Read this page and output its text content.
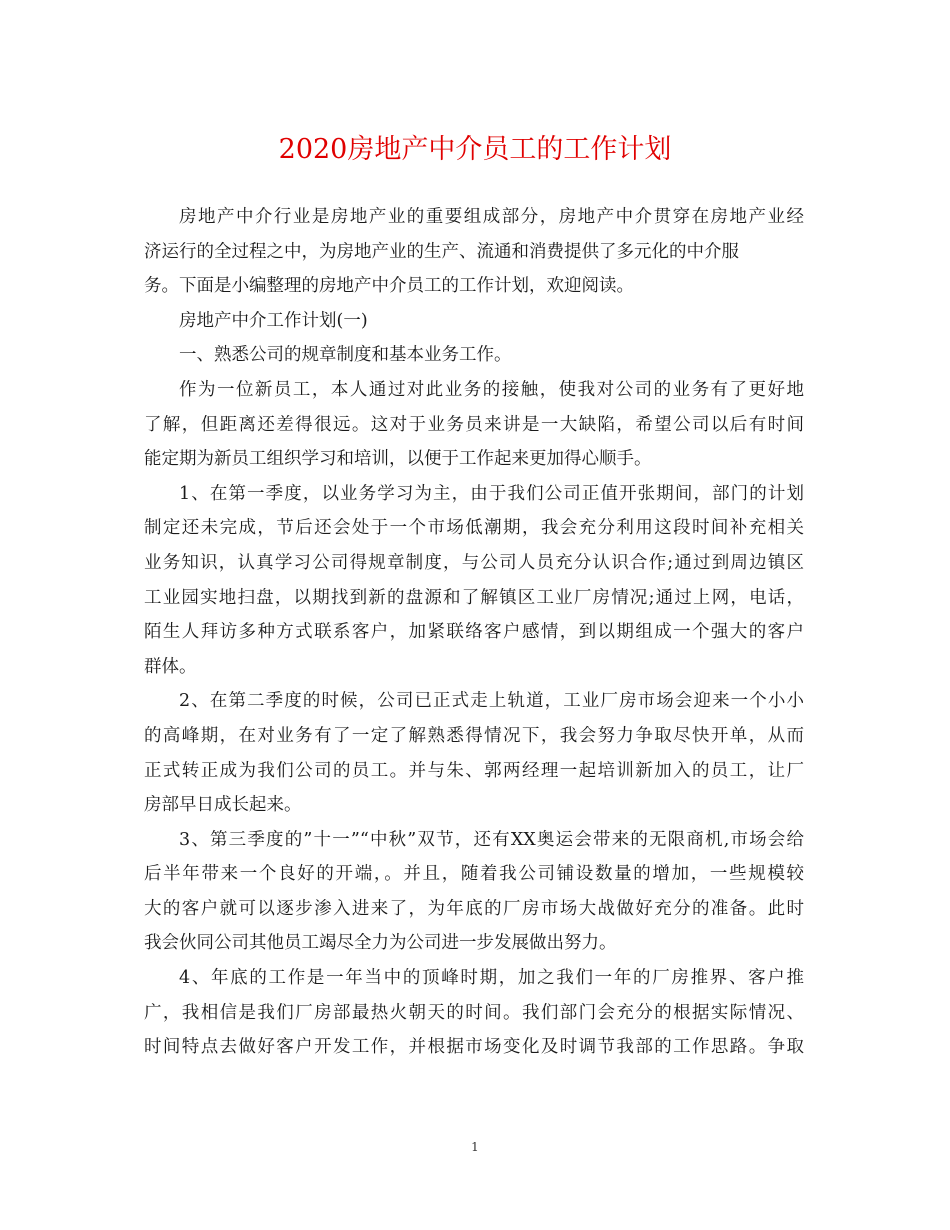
2020房地产中介员工的工作计划
房地产中介行业是房地产业的重要组成部分，房地产中介贯穿在房地产业经
济运行的全过程之中，为房地产业的生产、流通和消费提供了多元化的中介服
务。下面是小编整理的房地产中介员工的工作计划，欢迎阅读。
房地产中介工作计划(一)
一、熟悉公司的规章制度和基本业务工作。
作为一位新员工，本人通过对此业务的接触，使我对公司的业务有了更好地
了解，但距离还差得很远。这对于业务员来讲是一大缺陷，希望公司以后有时间
能定期为新员工组织学习和培训，以便于工作起来更加得心顺手。
1、在第一季度，以业务学习为主，由于我们公司正值开张期间，部门的计划
制定还未完成，节后还会处于一个市场低潮期，我会充分利用这段时间补充相关
业务知识，认真学习公司得规章制度，与公司人员充分认识合作;通过到周边镇区
工业园实地扫盘，以期找到新的盘源和了解镇区工业厂房情况;通过上网，电话，
陌生人拜访多种方式联系客户，加紧联络客户感情，到以期组成一个强大的客户
群体。
2、在第二季度的时候，公司已正式走上轨道，工业厂房市场会迎来一个小小
的高峰期，在对业务有了一定了解熟悉得情况下，我会努力争取尽快开单，从而
正式转正成为我们公司的员工。并与朱、郭两经理一起培训新加入的员工，让厂
房部早日成长起来。
3、第三季度的”十一”“中秋”双节，还有XX奥运会带来的无限商机,市场会给
后半年带来一个良好的开端，。并且，随着我公司铺设数量的增加，一些规模较
大的客户就可以逐步渗入进来了，为年底的厂房市场大战做好充分的准备。此时
我会伙同公司其他员工竭尽全力为公司进一步发展做出努力。
4、年底的工作是一年当中的顶峰时期，加之我们一年的厂房推界、客户推
广，我相信是我们厂房部最热火朝天的时间。我们部门会充分的根据实际情况、
时间特点去做好客户开发工作，并根据市场变化及时调节我部的工作思路。争取
1
